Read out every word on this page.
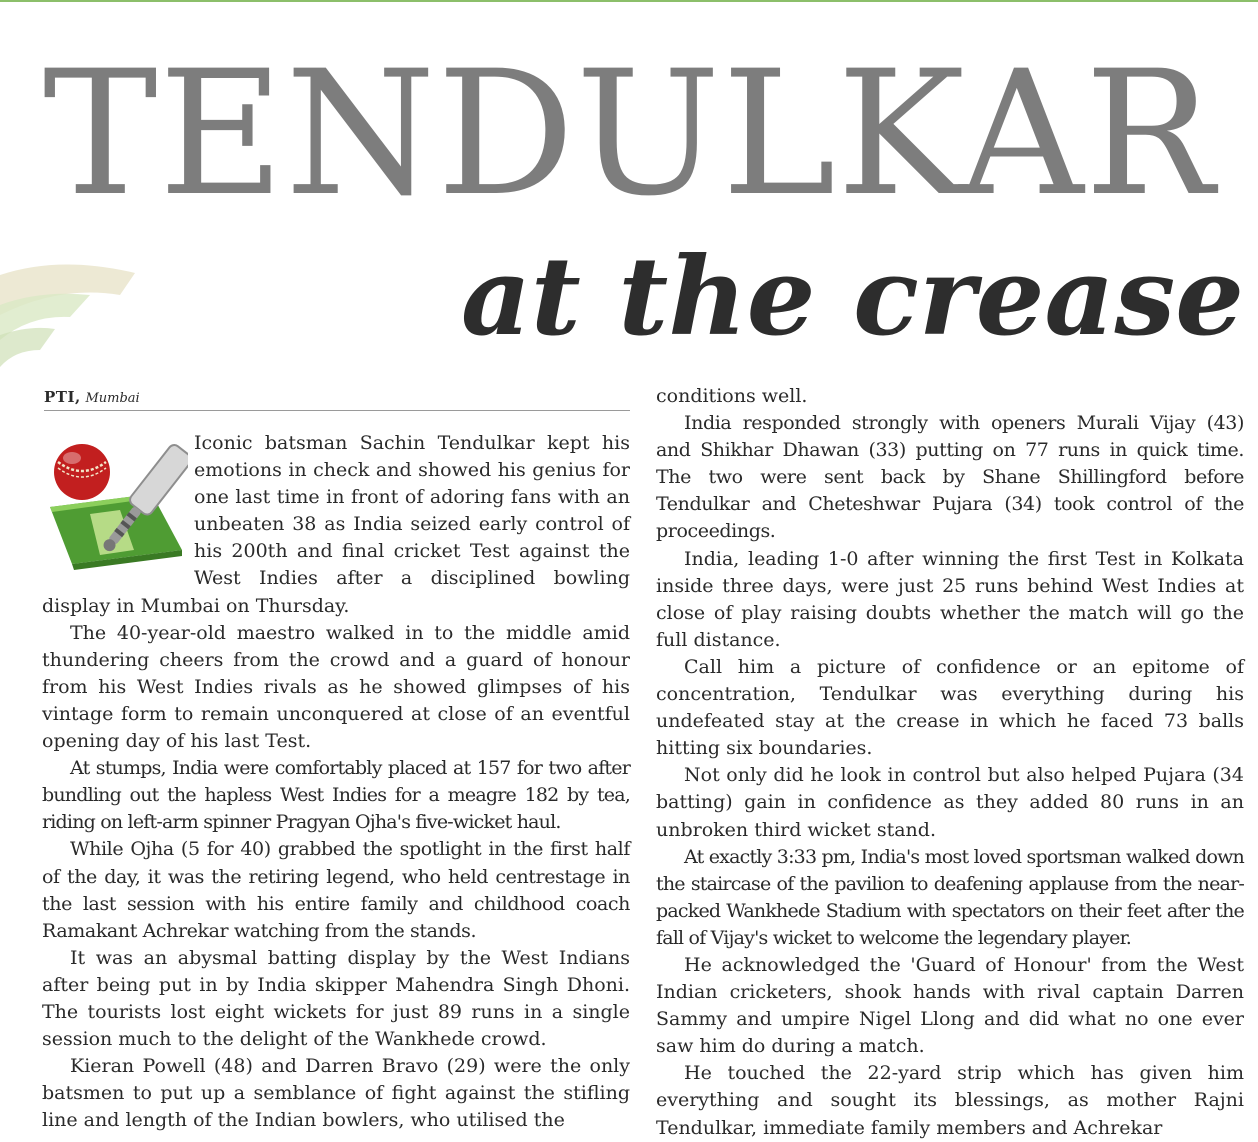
TENDULKAR
at the crease
PTI, Mumbai

Iconic batsman Sachin Tendulkar kept his emotions in check and showed his genius for one last time in front of adoring fans with an unbeaten 38 as India seized early control of his 200th and final cricket Test against the West Indies after a disciplined bowling display in Mumbai on Thursday.

The 40-year-old maestro walked in to the middle amid thundering cheers from the crowd and a guard of honour from his West Indies rivals as he showed glimpses of his vintage form to remain unconquered at close of an eventful opening day of his last Test.

At stumps, India were comfortably placed at 157 for two after bundling out the hapless West Indies for a meagre 182 by tea, riding on left-arm spinner Pragyan Ojha's five-wicket haul.

While Ojha (5 for 40) grabbed the spotlight in the first half of the day, it was the retiring legend, who held centrestage in the last session with his entire family and childhood coach Ramakant Achrekar watching from the stands.

It was an abysmal batting display by the West Indians after being put in by India skipper Mahendra Singh Dhoni. The tourists lost eight wickets for just 89 runs in a single session much to the delight of the Wankhede crowd.

Kieran Powell (48) and Darren Bravo (29) were the only batsmen to put up a semblance of fight against the stifling line and length of the Indian bowlers, who utilised the

conditions well.

India responded strongly with openers Murali Vijay (43) and Shikhar Dhawan (33) putting on 77 runs in quick time. The two were sent back by Shane Shillingford before Tendulkar and Cheteshwar Pujara (34) took control of the proceedings.

India, leading 1-0 after winning the first Test in Kolkata inside three days, were just 25 runs behind West Indies at close of play raising doubts whether the match will go the full distance.

Call him a picture of confidence or an epitome of concentration, Tendulkar was everything during his undefeated stay at the crease in which he faced 73 balls hitting six boundaries.

Not only did he look in control but also helped Pujara (34 batting) gain in confidence as they added 80 runs in an unbroken third wicket stand.

At exactly 3:33 pm, India's most loved sportsman walked down the staircase of the pavilion to deafening applause from the near-packed Wankhede Stadium with spectators on their feet after the fall of Vijay's wicket to welcome the legendary player.

He acknowledged the 'Guard of Honour' from the West Indian cricketers, shook hands with rival captain Darren Sammy and umpire Nigel Llong and did what no one ever saw him do during a match.

He touched the 22-yard strip which has given him everything and sought its blessings, as mother Rajni Tendulkar, immediate family members and Achrekar
